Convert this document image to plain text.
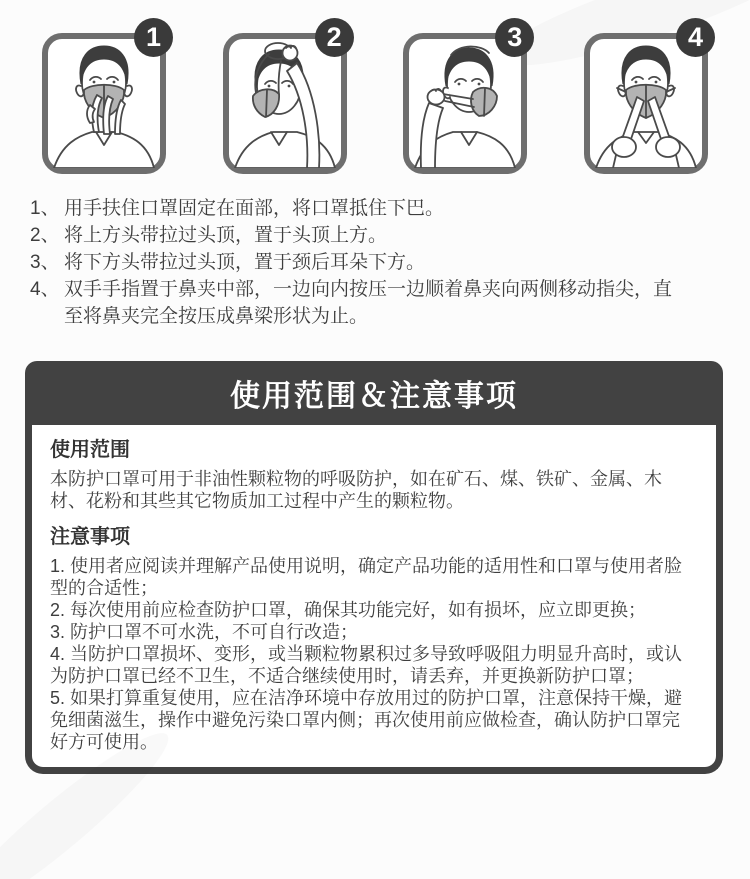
1	2	3	4
1、 用手扶住口罩固定在面部，将口罩抵住下巴。
2、 将上方头带拉过头顶，置于头顶上方。
3、 将下方头带拉过头顶，置于颈后耳朵下方。
4、 双手手指置于鼻夹中部，一边向内按压一边顺着鼻夹向两侧移动指尖，直至将鼻夹完全按压成鼻梁形状为止。
使用范围＆注意事项
使用范围

本防护口罩可用于非油性颗粒物的呼吸防护，如在矿石、煤、铁矿、金属、木材、花粉和其些其它物质加工过程中产生的颗粒物。

注意事项

1. 使用者应阅读并理解产品使用说明，确定产品功能的适用性和口罩与使用者脸型的合适性；

2. 每次使用前应检查防护口罩，确保其功能完好，如有损坏，应立即更换；

3. 防护口罩不可水洗，不可自行改造；

4. 当防护口罩损坏、变形，或当颗粒物累积过多导致呼吸阻力明显升高时，或认为防护口罩已经不卫生，不适合继续使用时，请丢弃，并更换新防护口罩；

5. 如果打算重复使用，应在洁净环境中存放用过的防护口罩，注意保持干燥，避免细菌滋生，操作中避免污染口罩内侧；再次使用前应做检查，确认防护口罩完好方可使用。
